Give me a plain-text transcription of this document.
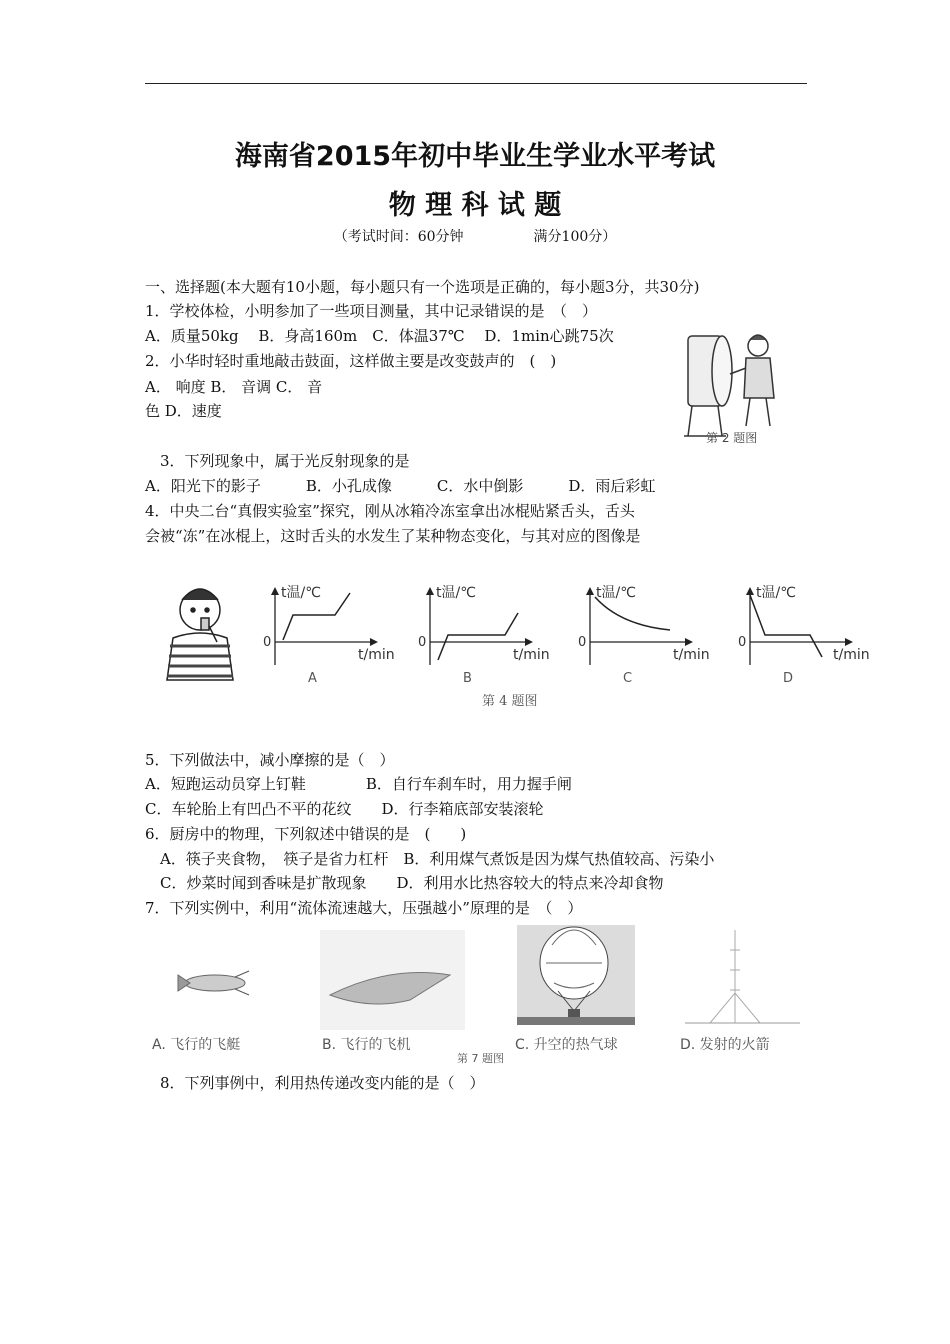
海南省2015年初中毕业生学业水平考试
物 理 科 试 题
（考试时间：60分钟　　　　　满分100分）
一、选择题(本大题有10小题，每小题只有一个选项是正确的，每小题3分，共30分)
1．学校体检，小明参加了一些项目测量，其中记录错误的是　（　）
A．质量50kg　 B．身高160m　C．体温37℃　 D．1min心跳75次
2．小华时轻时重地敲击鼓面，这样做主要是改变鼓声的　(　)
A． 响度 B． 音调 C． 音
色 D．速度
第 2 题图
3．下列现象中，属于光反射现象的是
A．阳光下的影子　　　B．小孔成像　　　C．水中倒影　　　D．雨后彩虹
4．中央二台“真假实验室”探究，刚从冰箱冷冻室拿出冰棍贴紧舌头，舌头
会被“冻”在冰棍上，这时舌头的水发生了某种物态变化，与其对应的图像是
t温/℃
0
t/min
A
t温/℃
0
t/min
B
t温/℃
0
t/min
C
t温/℃
0
t/min
D
第 4 题图
5．下列做法中，减小摩擦的是（　）
A．短跑运动员穿上钉鞋　　　　B．自行车刹车时，用力握手闸
C．车轮胎上有凹凸不平的花纹　　D．行李箱底部安装滚轮
6．厨房中的物理，下列叙述中错误的是　(　　)
A．筷子夹食物，　筷子是省力杠杆　B．利用煤气煮饭是因为煤气热值较高、污染小
C．炒菜时闻到香味是扩散现象　　D．利用水比热容较大的特点来冷却食物
7．下列实例中，利用“流体流速越大，压强越小”原理的是　（　）
A. 飞行的飞艇	B. 飞行的飞机	C. 升空的热气球	D. 发射的火箭
第 7 题图
8．下列事例中，利用热传递改变内能的是（　）
